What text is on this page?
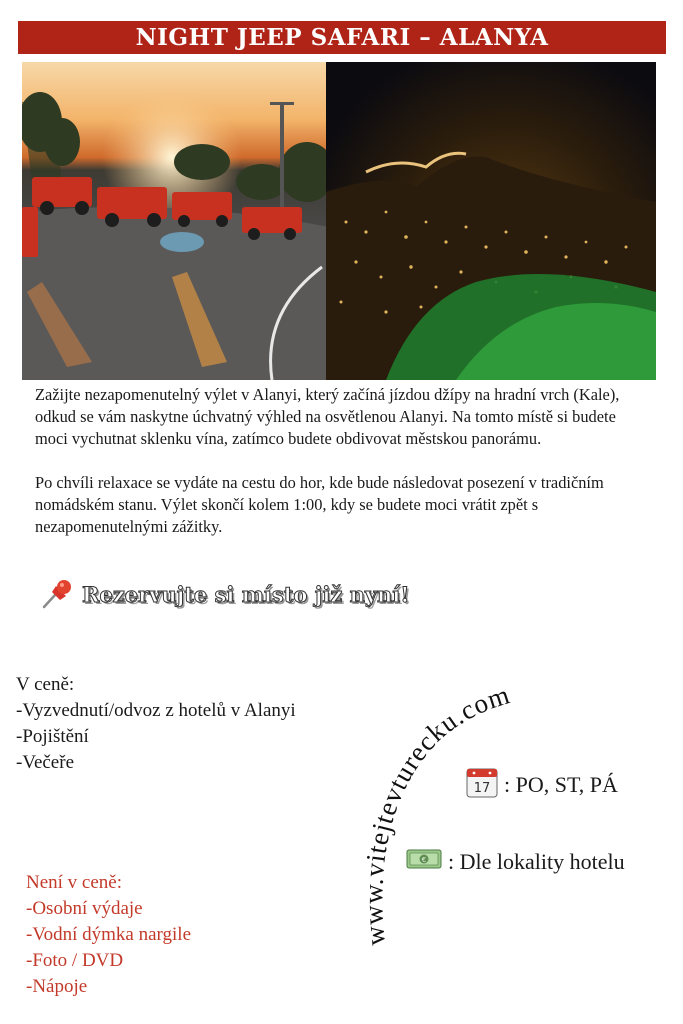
NIGHT JEEP SAFARI – ALANYA

Zažijte nezapomenutelný výlet v Alanyi, který začíná jízdou džípy na hradní vrch (Kale), odkud se vám naskytne úchvatný výhled na osvětlenou Alanyi. Na tomto místě si budete moci vychutnat sklenku vína, zatímco budete obdivovat městskou panorámu.

Po chvíli relaxace se vydáte na cestu do hor, kde bude následovat posezení v tradičním nomádském stanu. Výlet skončí kolem 1:00, kdy se budete moci vrátit zpět s nezapomenutelnými zážitky.

Rezervujte si místo již nyní!
V ceně:
-Vyzvednutí/odvoz z hotelů v Alanyi
-Pojištění
-Večeře
Není v ceně:
-Osobní výdaje
-Vodní dýmka nargile
-Foto / DVD
-Nápoje
www.vitejtevturecku.com
17 : PO, ST, PÁ
€ : Dle lokality hotelu
